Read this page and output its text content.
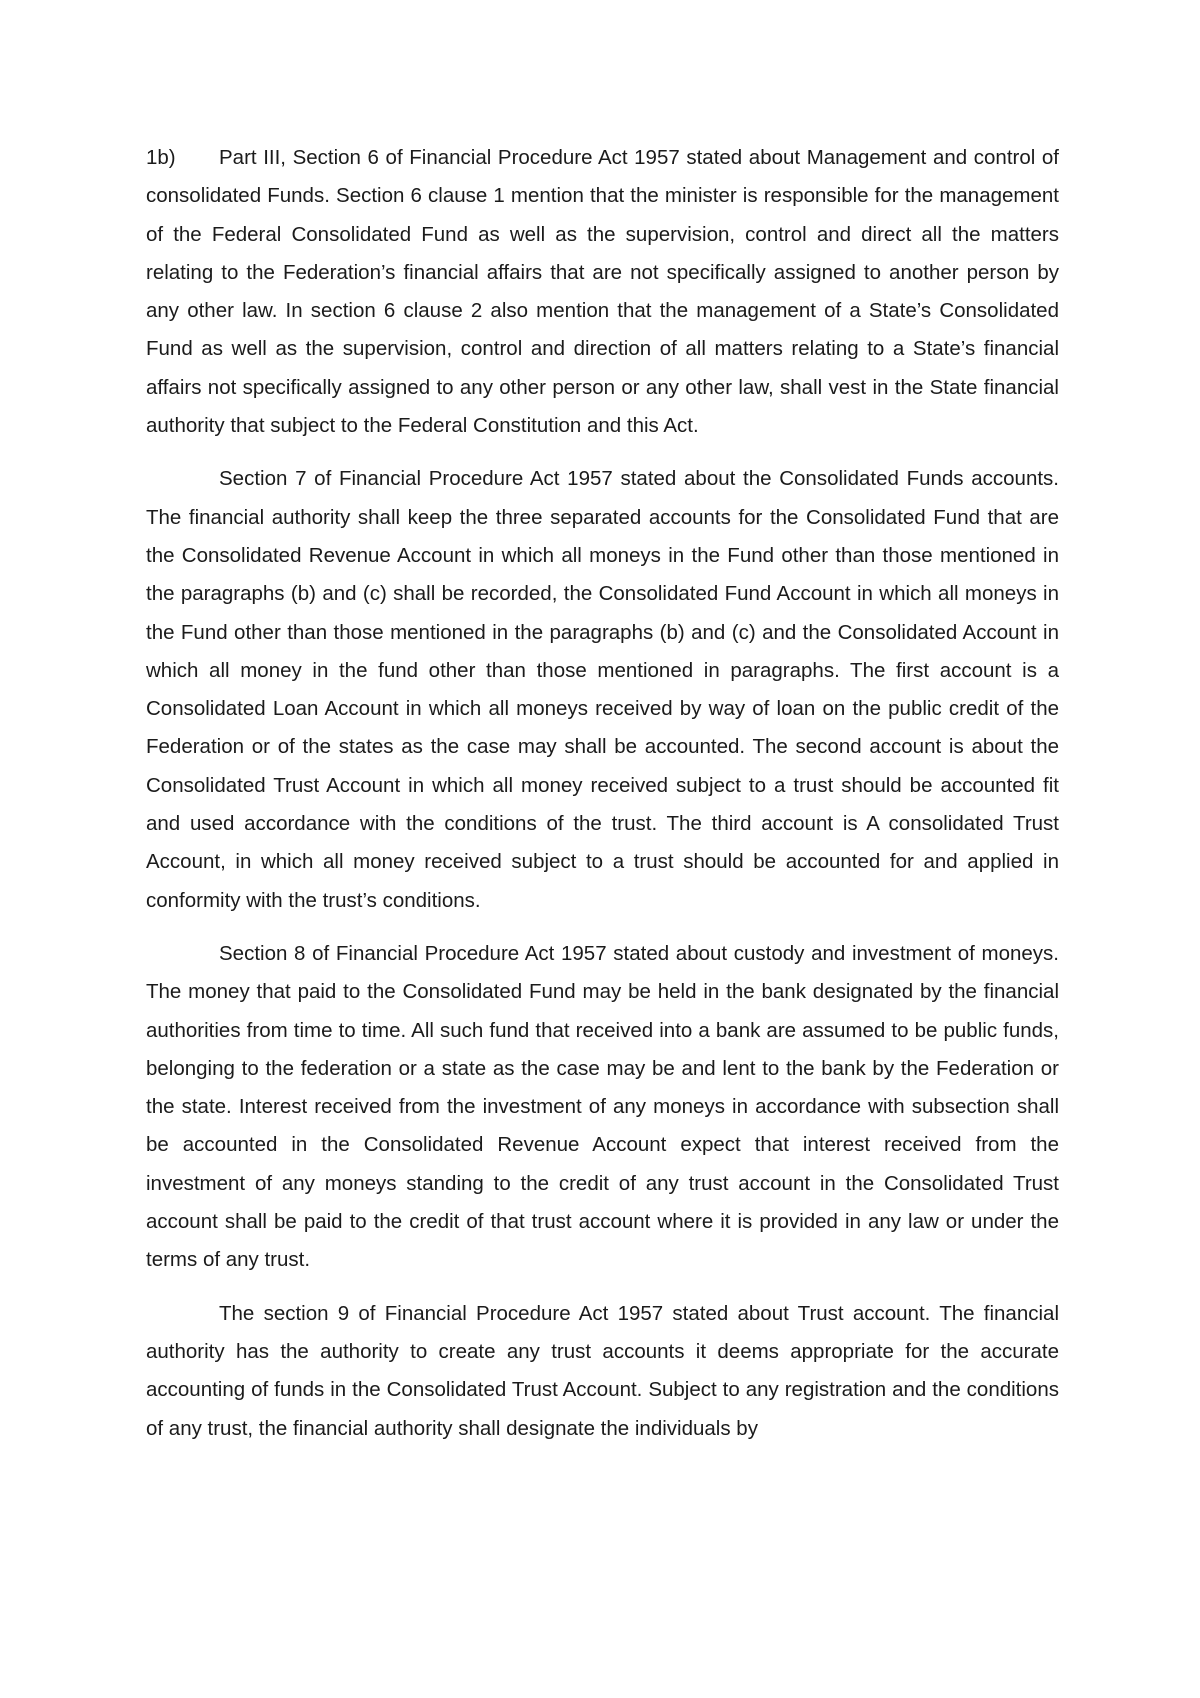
1b) Part III, Section 6 of Financial Procedure Act 1957 stated about Management and control of consolidated Funds. Section 6 clause 1 mention that the minister is responsible for the management of the Federal Consolidated Fund as well as the supervision, control and direct all the matters relating to the Federation’s financial affairs that are not specifically assigned to another person by any other law. In section 6 clause 2 also mention that the management of a State’s Consolidated Fund as well as the supervision, control and direction of all matters relating to a State’s financial affairs not specifically assigned to any other person or any other law, shall vest in the State financial authority that subject to the Federal Constitution and this Act.

Section 7 of Financial Procedure Act 1957 stated about the Consolidated Funds accounts. The financial authority shall keep the three separated accounts for the Consolidated Fund that are the Consolidated Revenue Account in which all moneys in the Fund other than those mentioned in the paragraphs (b) and (c) shall be recorded, the Consolidated Fund Account in which all moneys in the Fund other than those mentioned in the paragraphs (b) and (c) and the Consolidated Account in which all money in the fund other than those mentioned in paragraphs. The first account is a Consolidated Loan Account in which all moneys received by way of loan on the public credit of the Federation or of the states as the case may shall be accounted. The second account is about the Consolidated Trust Account in which all money received subject to a trust should be accounted fit and used accordance with the conditions of the trust. The third account is A consolidated Trust Account, in which all money received subject to a trust should be accounted for and applied in conformity with the trust’s conditions.

Section 8 of Financial Procedure Act 1957 stated about custody and investment of moneys. The money that paid to the Consolidated Fund may be held in the bank designated by the financial authorities from time to time. All such fund that received into a bank are assumed to be public funds, belonging to the federation or a state as the case may be and lent to the bank by the Federation or the state. Interest received from the investment of any moneys in accordance with subsection shall be accounted in the Consolidated Revenue Account expect that interest received from the investment of any moneys standing to the credit of any trust account in the Consolidated Trust account shall be paid to the credit of that trust account where it is provided in any law or under the terms of any trust.

The section 9 of Financial Procedure Act 1957 stated about Trust account. The financial authority has the authority to create any trust accounts it deems appropriate for the accurate accounting of funds in the Consolidated Trust Account. Subject to any registration and the conditions of any trust, the financial authority shall designate the individuals by
